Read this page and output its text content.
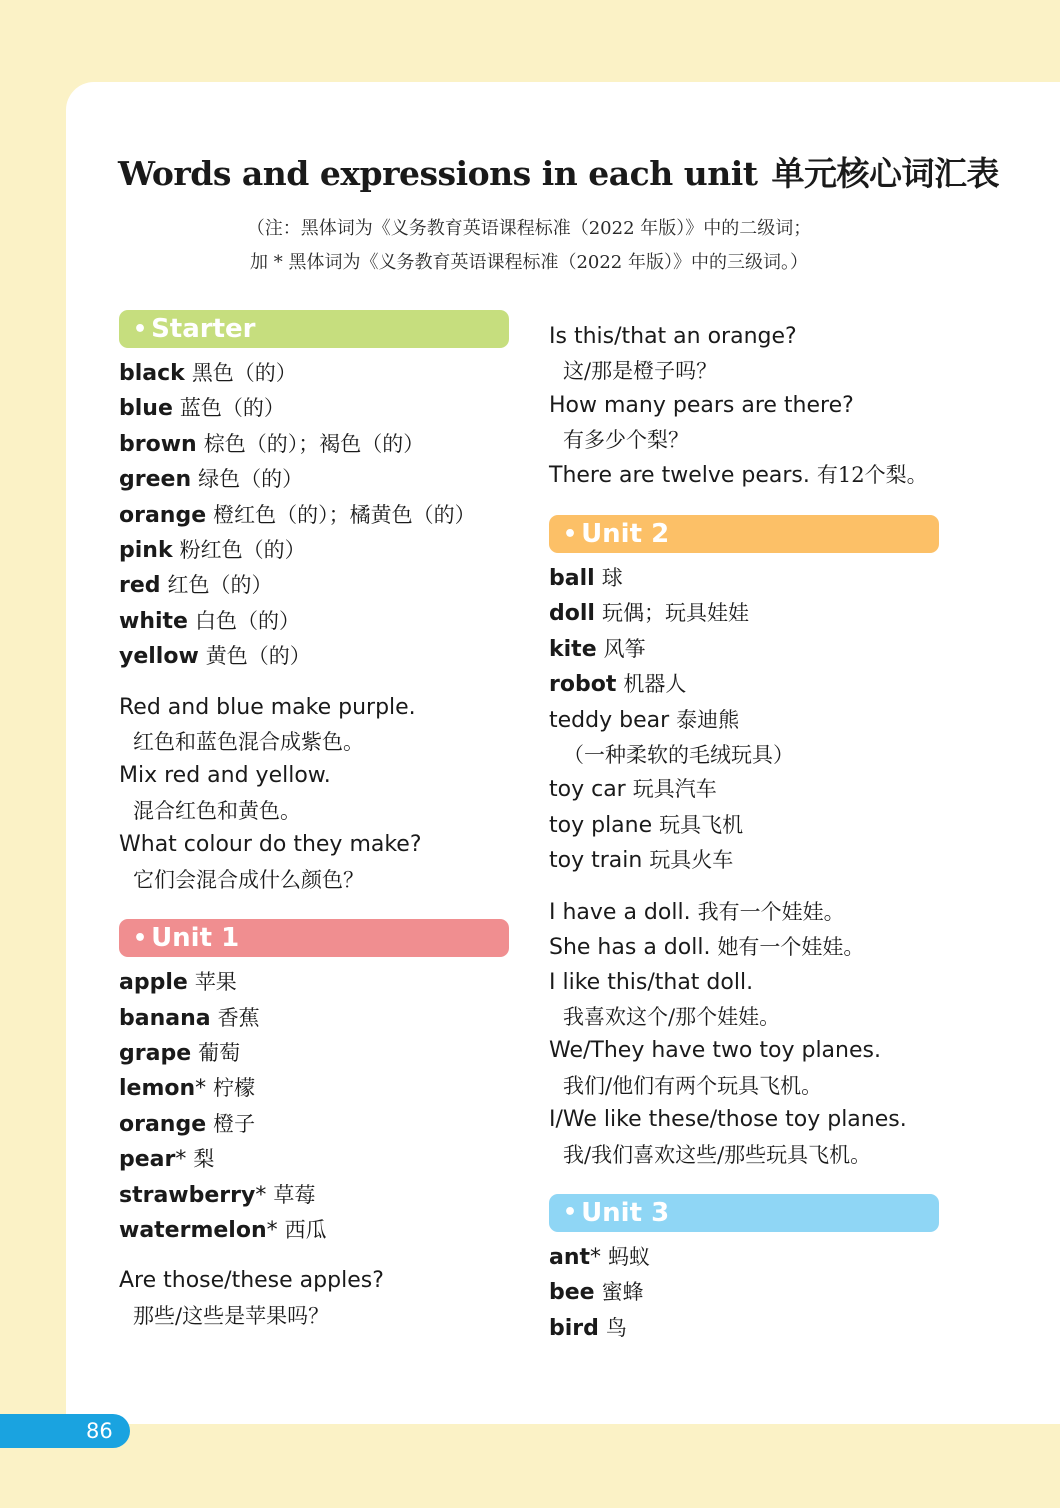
Words and expressions in each unit 单元核心词汇表
（注：黑体词为《义务教育英语课程标准（2022 年版）》中的二级词；
加 * 黑体词为《义务教育英语课程标准（2022 年版）》中的三级词。）
• Starter
black 黑色（的）
blue 蓝色（的）
brown 棕色（的）；褐色（的）
green 绿色（的）
orange 橙红色（的）；橘黄色（的）
pink 粉红色（的）
red 红色（的）
white 白色（的）
yellow 黄色（的）
Red and blue make purple.
红色和蓝色混合成紫色。
Mix red and yellow.
混合红色和黄色。
What colour do they make?
它们会混合成什么颜色？
• Unit 1
apple 苹果
banana 香蕉
grape 葡萄
lemon* 柠檬
orange 橙子
pear* 梨
strawberry* 草莓
watermelon* 西瓜
Are those/these apples?
那些/这些是苹果吗？
Is this/that an orange?
这/那是橙子吗？
How many pears are there?
有多少个梨？
There are twelve pears. 有12个梨。
• Unit 2
ball 球
doll 玩偶；玩具娃娃
kite 风筝
robot 机器人
teddy bear 泰迪熊
（一种柔软的毛绒玩具）
toy car 玩具汽车
toy plane 玩具飞机
toy train 玩具火车
I have a doll. 我有一个娃娃。
She has a doll. 她有一个娃娃。
I like this/that doll.
我喜欢这个/那个娃娃。
We/They have two toy planes.
我们/他们有两个玩具飞机。
I/We like these/those toy planes.
我/我们喜欢这些/那些玩具飞机。
• Unit 3
ant* 蚂蚁
bee 蜜蜂
bird 鸟
86
